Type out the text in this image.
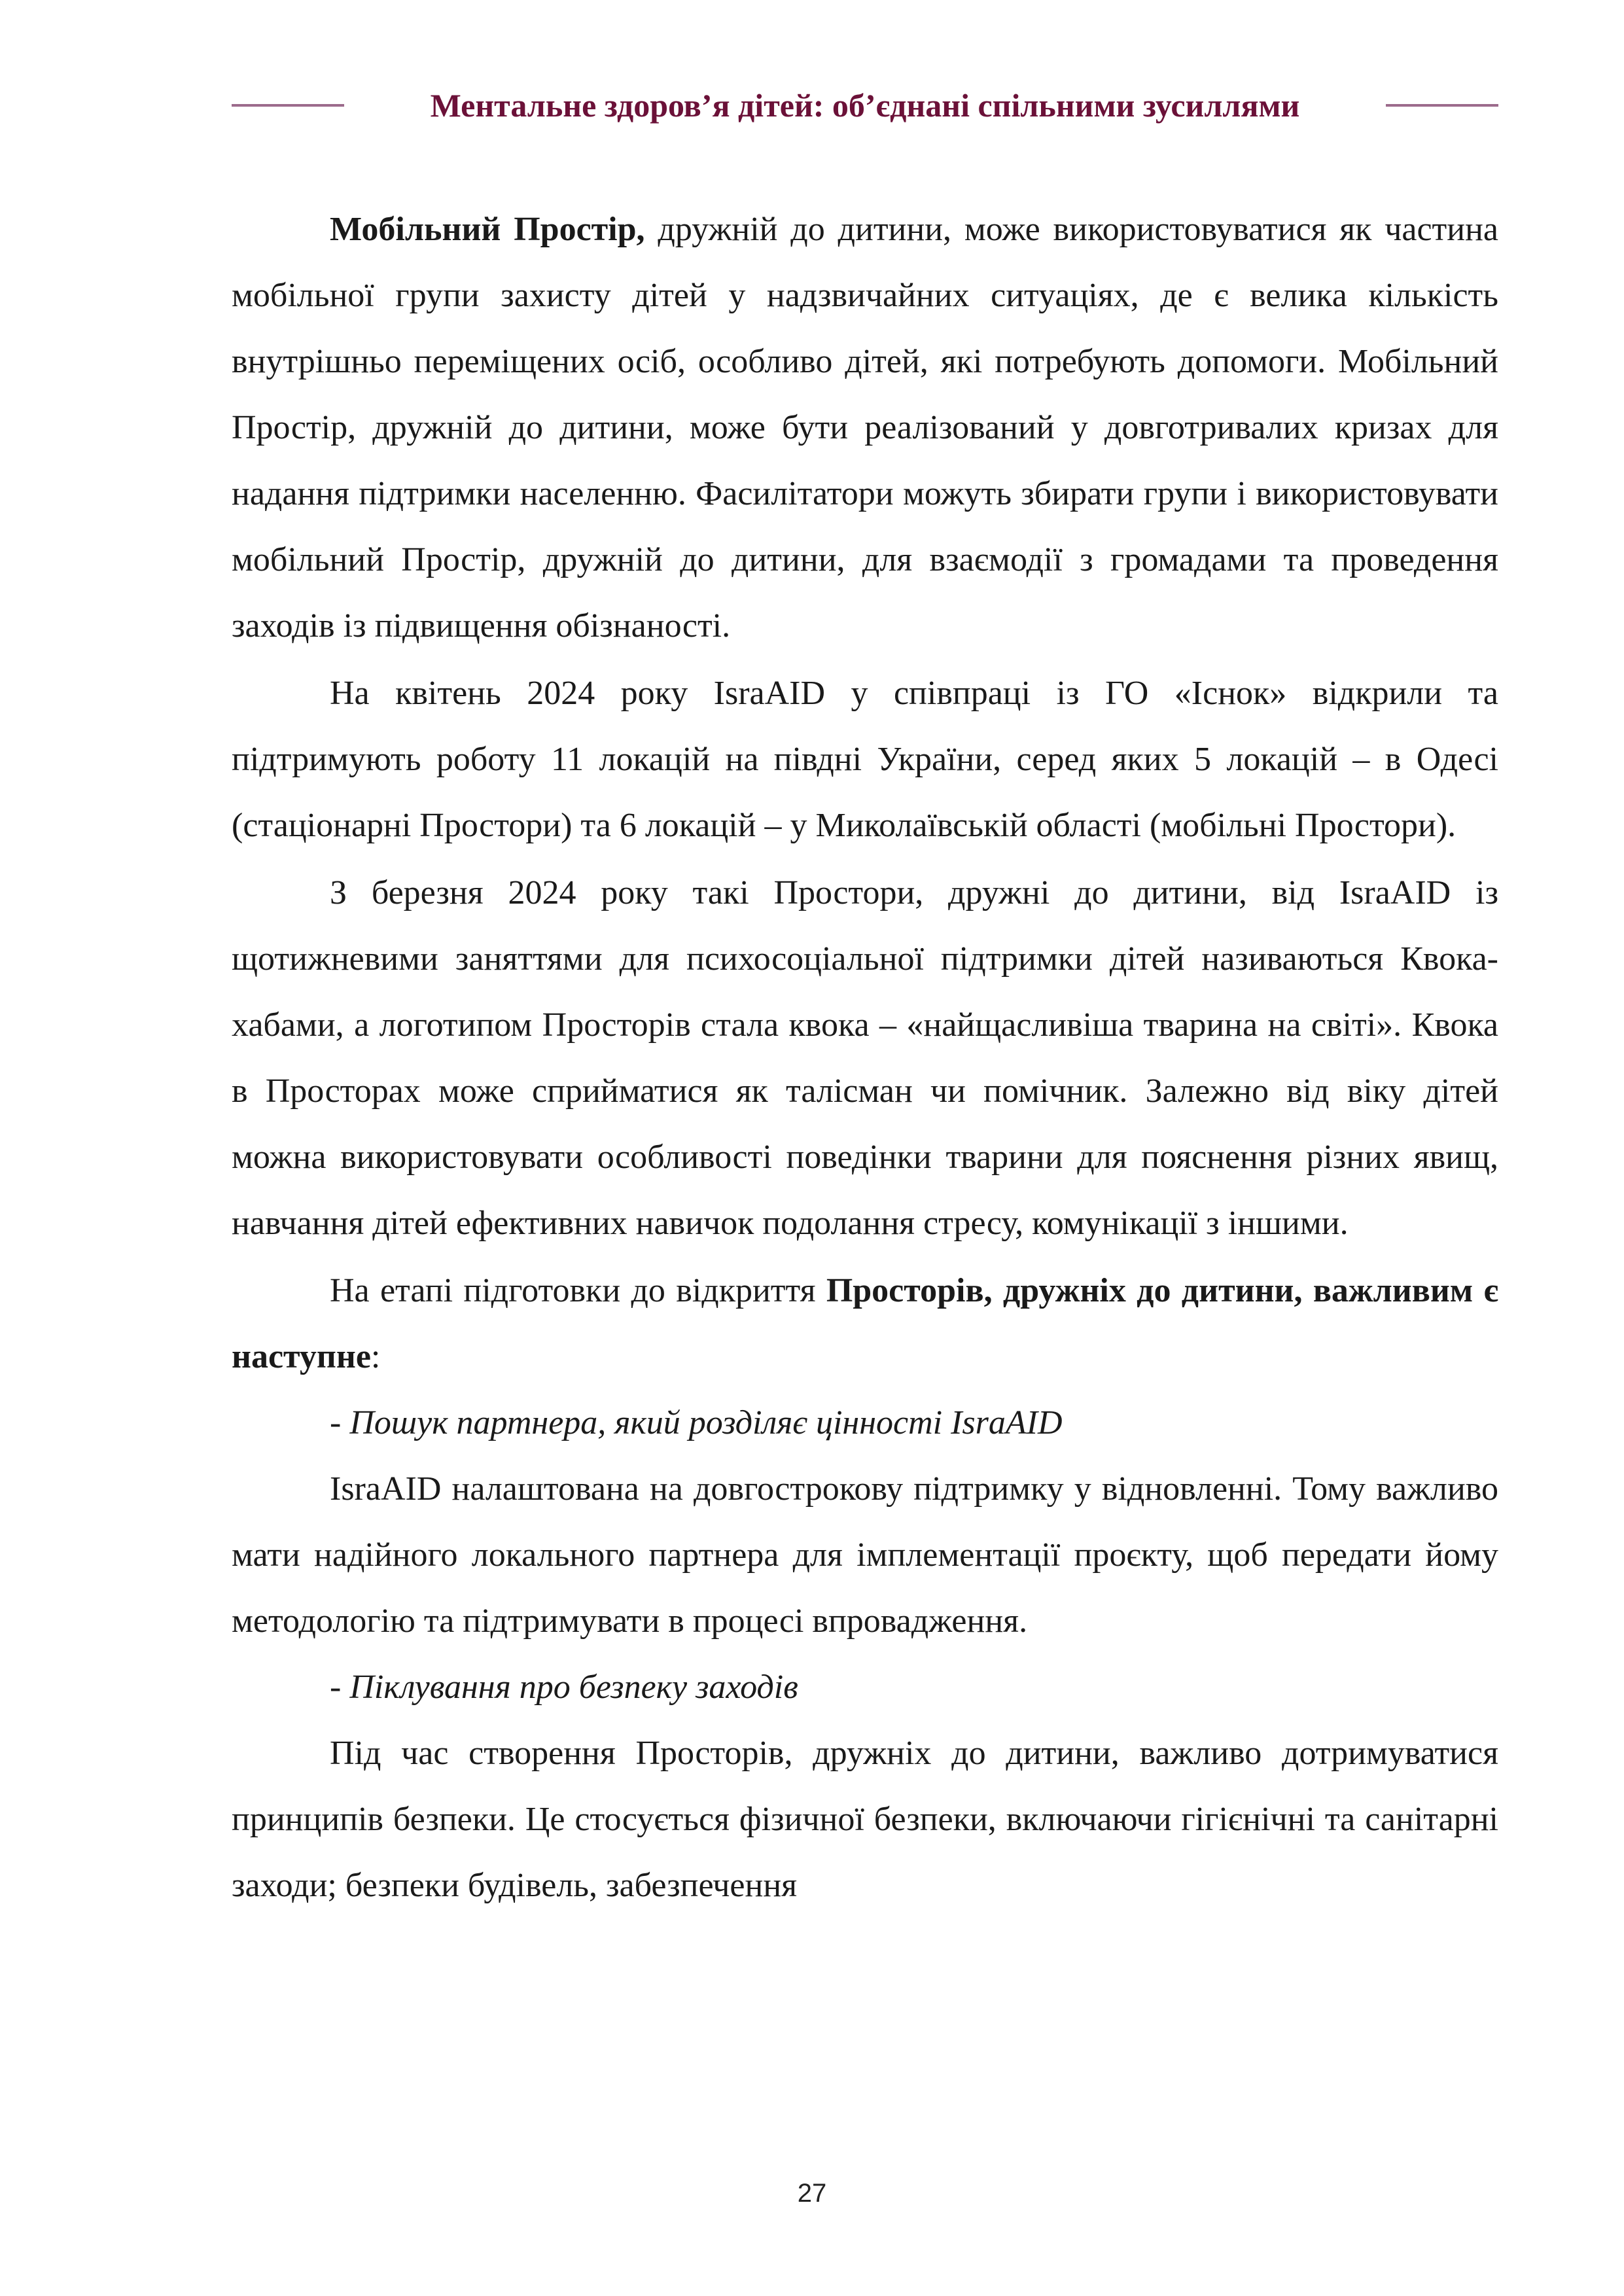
Ментальне здоров’я дітей: об’єднані спільними зусиллями

Мобільний Простір, дружній до дитини, може використовуватися як частина мобільної групи захисту дітей у надзвичайних ситуаціях, де є велика кількість внутрішньо переміщених осіб, особливо дітей, які потребують допомоги. Мобільний Простір, дружній до дитини, може бути реалізований у довготривалих кризах для надання підтримки населенню. Фасилітатори можуть збирати групи і використовувати мобільний Простір, дружній до дитини, для взаємодії з громадами та проведення заходів із підвищення обізнаності.

На квітень 2024 року IsraAID у співпраці із ГО «Існок» відкрили та підтримують роботу 11 локацій на півдні України, серед яких 5 локацій – в Одесі (стаціонарні Простори) та 6 локацій – у Миколаївській області (мобільні Простори).

З березня 2024 року такі Простори, дружні до дитини, від IsraAID із щотижневими заняттями для психосоціальної підтримки дітей називаються Квока-хабами, а логотипом Просторів стала квока – «найщасливіша тварина на світі». Квока в Просторах може сприйматися як талісман чи помічник. Залежно від віку дітей можна використовувати особливості поведінки тварини для пояснення різних явищ, навчання дітей ефективних навичок подолання стресу, комунікації з іншими.

На етапі підготовки до відкриття Просторів, дружніх до дитини, важливим є наступне:

- Пошук партнера, який розділяє цінності IsraAID

IsraAID налаштована на довгострокову підтримку у відновленні. Тому важливо мати надійного локального партнера для імплементації проєкту, щоб передати йому методологію та підтримувати в процесі впровадження.

- Піклування про безпеку заходів

Під час створення Просторів, дружніх до дитини, важливо дотримуватися принципів безпеки. Це стосується фізичної безпеки, включаючи гігієнічні та санітарні заходи; безпеки будівель, забезпечення

27
